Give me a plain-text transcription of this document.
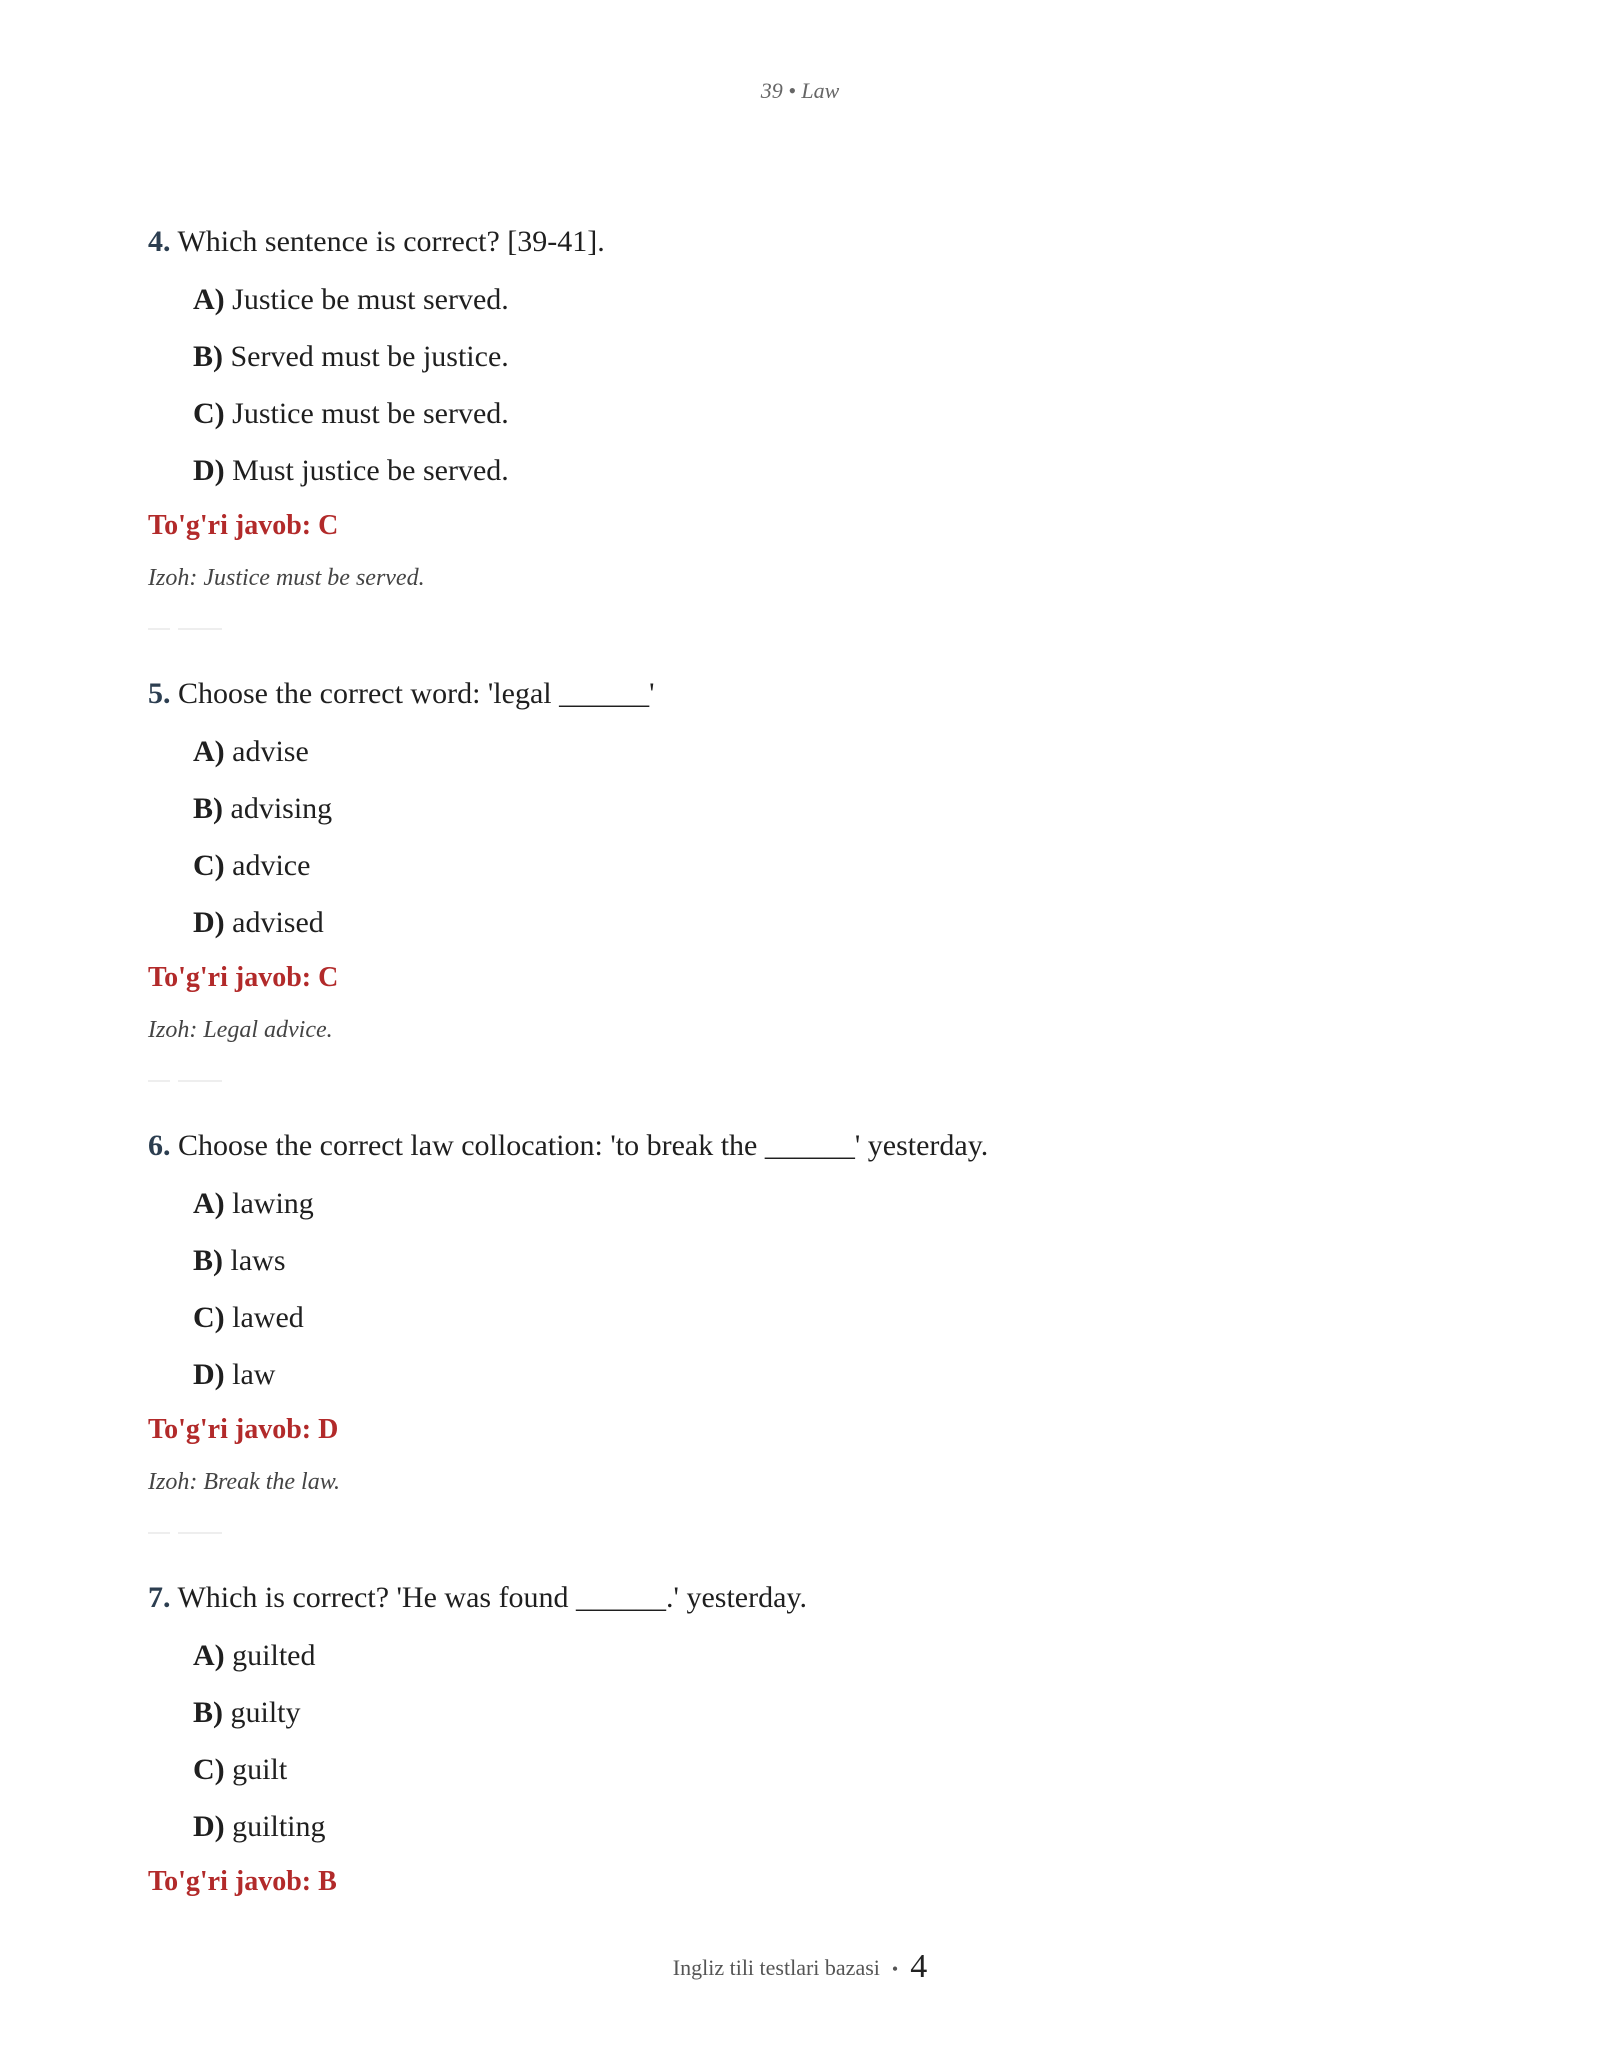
39 • Law

4. Which sentence is correct? [39-41].

A) Justice be must served.

B) Served must be justice.

C) Justice must be served.

D) Must justice be served.

To'g'ri javob: C

Izoh: Justice must be served.

5. Choose the correct word: 'legal ______'

A) advise

B) advising

C) advice

D) advised

To'g'ri javob: C

Izoh: Legal advice.

6. Choose the correct law collocation: 'to break the ______' yesterday.

A) lawing

B) laws

C) lawed

D) law

To'g'ri javob: D

Izoh: Break the law.

7. Which is correct? 'He was found ______.' yesterday.

A) guilted

B) guilty

C) guilt

D) guilting

To'g'ri javob: B

Ingliz tili testlari bazasi • 4
